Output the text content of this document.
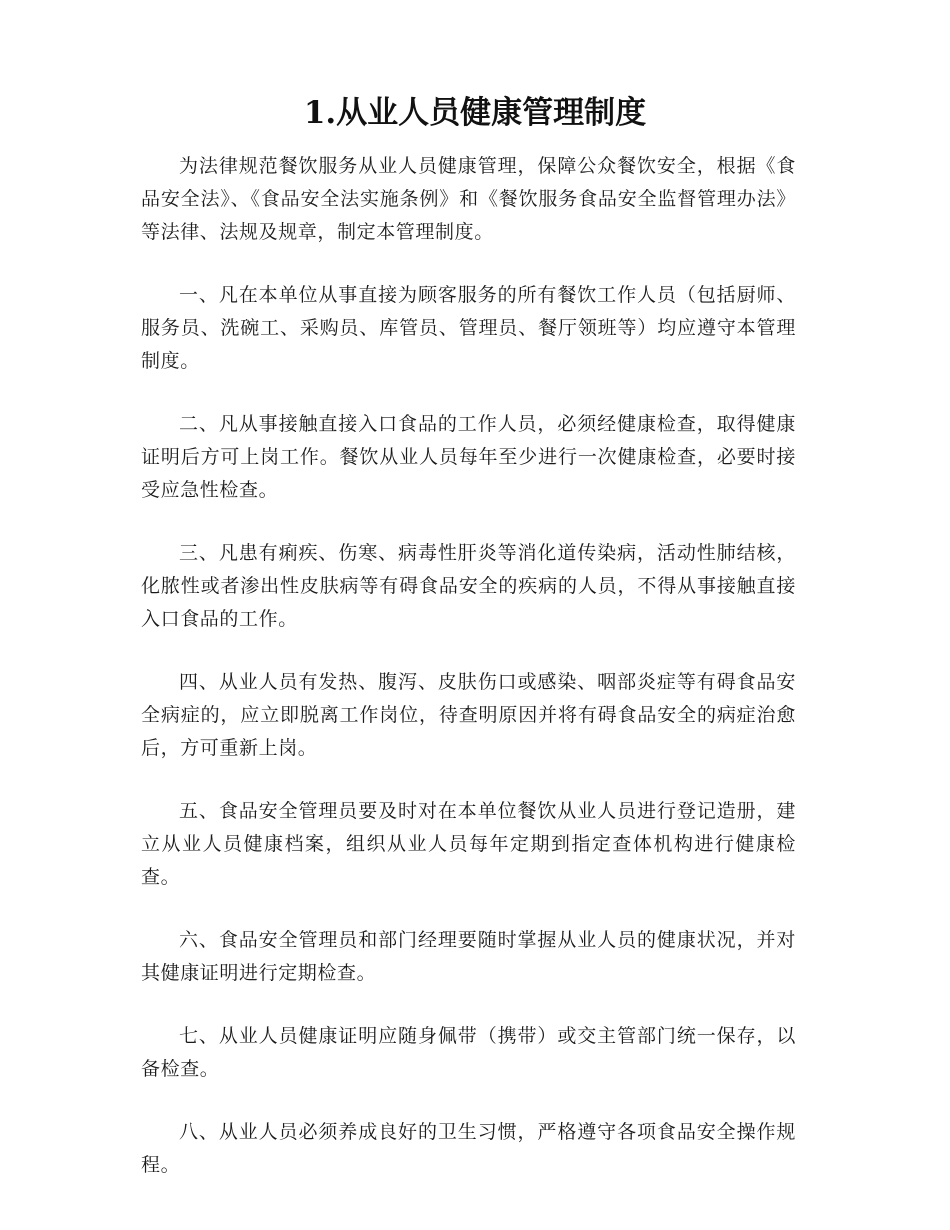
1.从业人员健康管理制度

为法律规范餐饮服务从业人员健康管理，保障公众餐饮安全，根据《食品安全法》、《食品安全法实施条例》和《餐饮服务食品安全监督管理办法》等法律、法规及规章，制定本管理制度。

一、凡在本单位从事直接为顾客服务的所有餐饮工作人员（包括厨师、服务员、洗碗工、采购员、库管员、管理员、餐厅领班等）均应遵守本管理制度。

二、凡从事接触直接入口食品的工作人员，必须经健康检查，取得健康证明后方可上岗工作。餐饮从业人员每年至少进行一次健康检查，必要时接受应急性检查。

三、凡患有痢疾、伤寒、病毒性肝炎等消化道传染病，活动性肺结核，化脓性或者渗出性皮肤病等有碍食品安全的疾病的人员，不得从事接触直接入口食品的工作。

四、从业人员有发热、腹泻、皮肤伤口或感染、咽部炎症等有碍食品安全病症的，应立即脱离工作岗位，待查明原因并将有碍食品安全的病症治愈后，方可重新上岗。

五、食品安全管理员要及时对在本单位餐饮从业人员进行登记造册，建立从业人员健康档案，组织从业人员每年定期到指定查体机构进行健康检查。

六、食品安全管理员和部门经理要随时掌握从业人员的健康状况，并对其健康证明进行定期检查。

七、从业人员健康证明应随身佩带（携带）或交主管部门统一保存，以备检查。

八、从业人员必须养成良好的卫生习惯，严格遵守各项食品安全操作规程。
